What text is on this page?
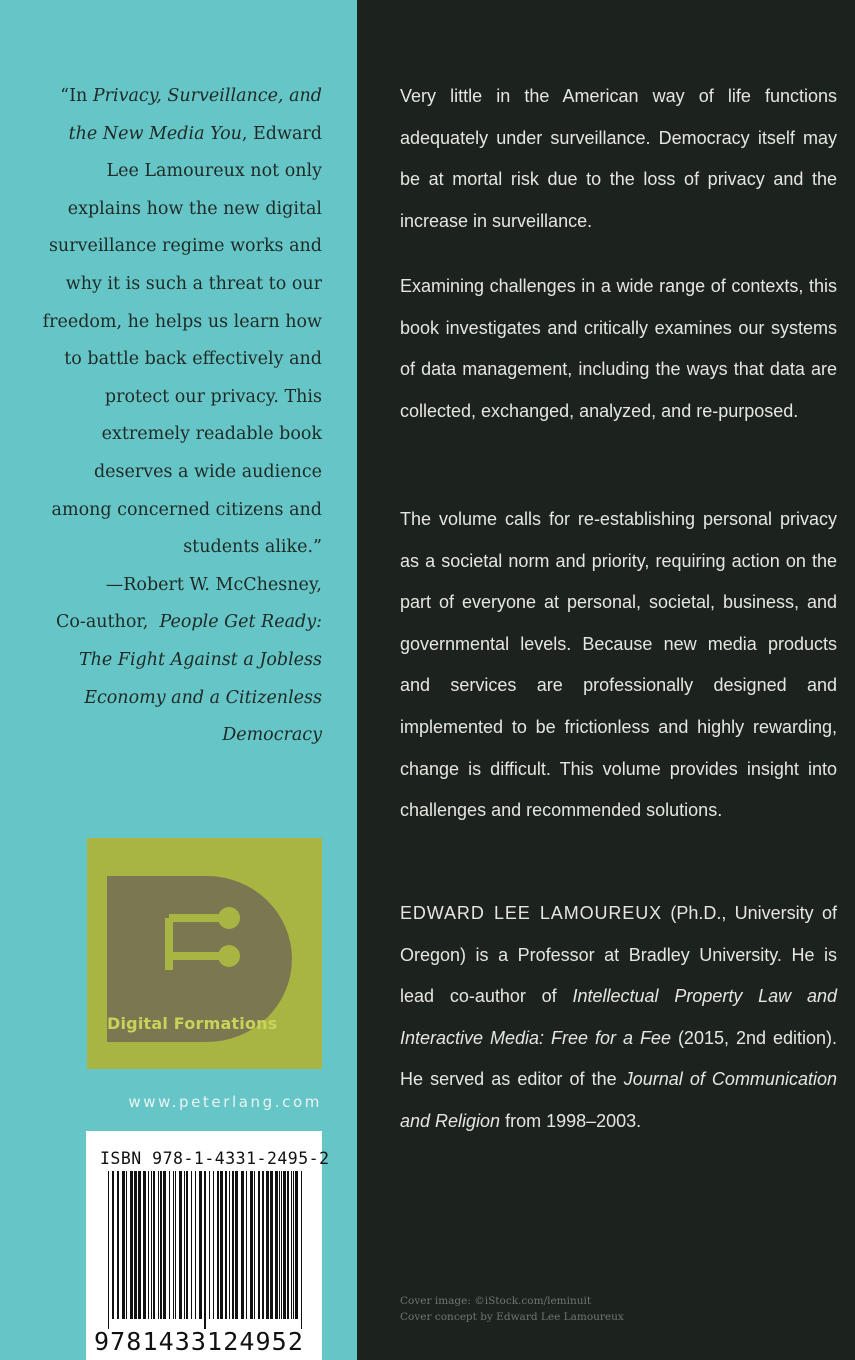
“In Privacy, Surveillance, and the New Media You, Edward Lee Lamoureux not only explains how the new digital surveillance regime works and why it is such a threat to our freedom, he helps us learn how to battle back effectively and protect our privacy. This extremely readable book deserves a wide audience among concerned citizens and students alike.”
—Robert W. McChesney,
Co-author, People Get Ready: The Fight Against a Jobless Economy and a Citizenless Democracy

Digital Formations
www.peterlang.com
ISBN 978-1-4331-2495-2
9781433124952

Very little in the American way of life functions adequately under surveillance. Democracy itself may be at mortal risk due to the loss of privacy and the increase in surveillance.

Examining challenges in a wide range of contexts, this book investigates and critically examines our systems of data management, including the ways that data are collected, exchanged, analyzed, and re-purposed.

The volume calls for re-establishing personal privacy as a societal norm and priority, requiring action on the part of everyone at personal, societal, business, and governmental levels. Because new media products and services are professionally designed and implemented to be frictionless and highly rewarding, change is difficult. This volume provides insight into challenges and recommended solutions.

EDWARD LEE LAMOUREUX (Ph.D., University of Oregon) is a Professor at Bradley University. He is lead co-author of Intellectual Property Law and Interactive Media: Free for a Fee (2015, 2nd edition). He served as editor of the Journal of Communication and Religion from 1998–2003.

Cover image: ©iStock.com/leminuit
Cover concept by Edward Lee Lamoureux
